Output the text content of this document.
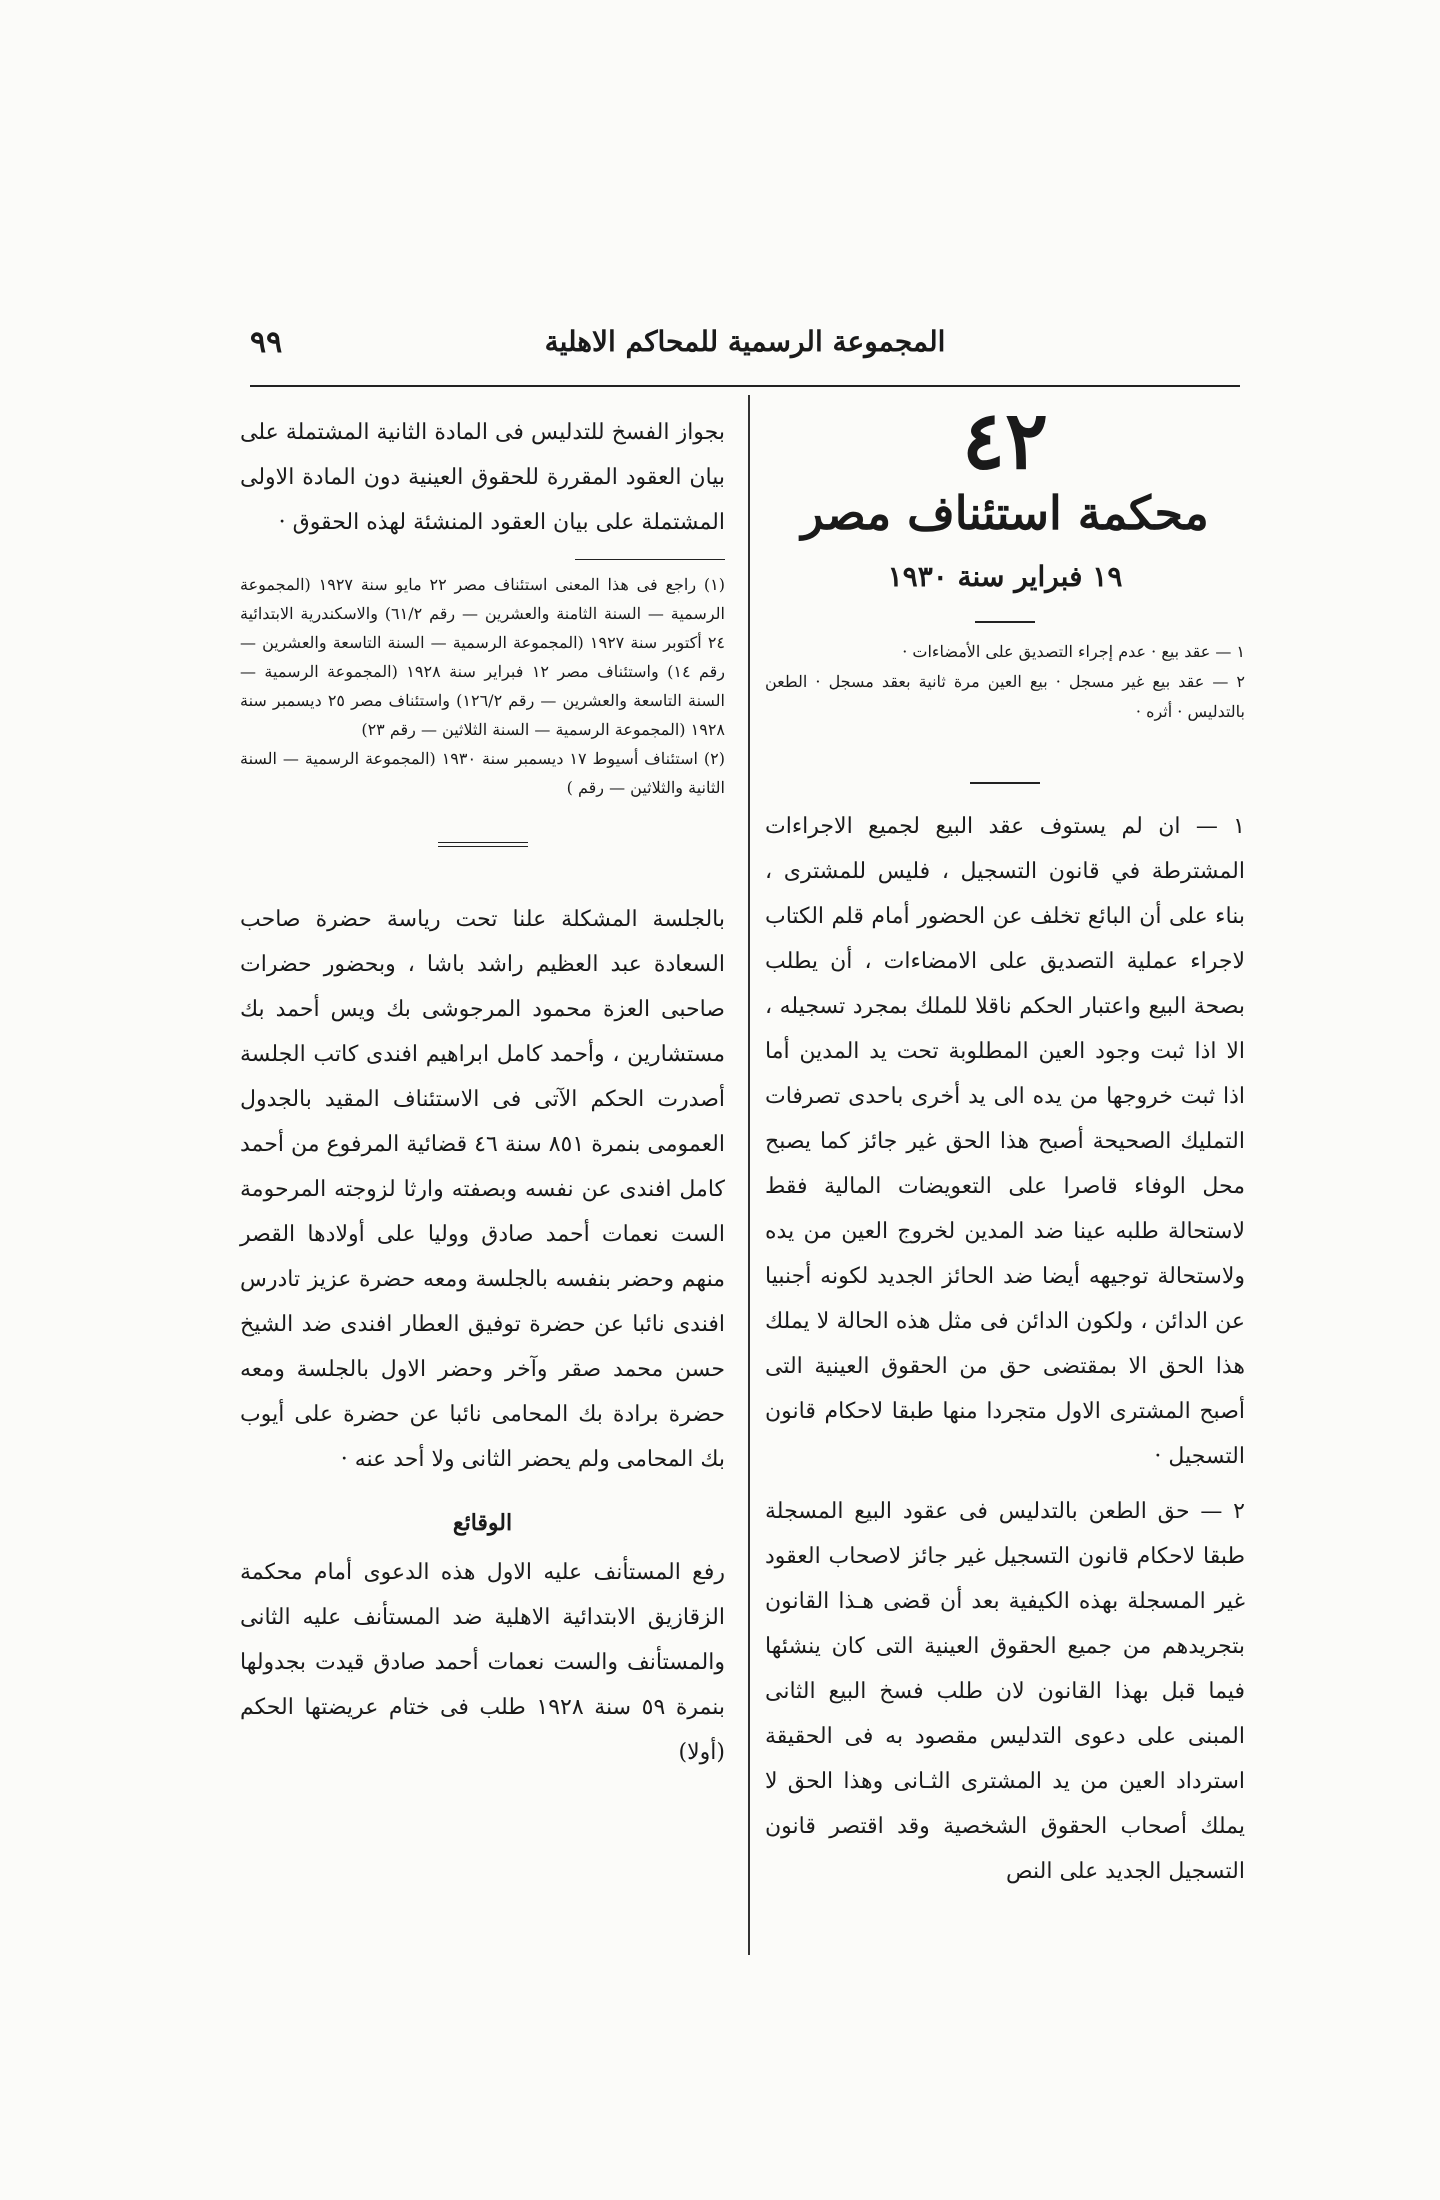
المجموعة الرسمية للمحاكم الاهلية
٩٩
٤٢
محكمة استئناف مصر
١٩ فبراير سنة ١٩٣٠

١ — عقد بيع · عدم إجراء التصديق على الأمضاءات ·

٢ — عقد بيع غير مسجل · بيع العين مرة ثانية بعقد مسجل · الطعن بالتدليس · أثره ·

١ — ان لم يستوف عقد البيع لجميع الاجراءات المشترطة في قانون التسجيل ، فليس للمشترى ، بناء على أن البائع تخلف عن الحضور أمام قلم الكتاب لاجراء عملية التصديق على الامضاءات ، أن يطلب بصحة البيع واعتبار الحكم ناقلا للملك بمجرد تسجيله ، الا اذا ثبت وجود العين المطلوبة تحت يد المدين أما اذا ثبت خروجها من يده الى يد أخرى باحدى تصرفات التمليك الصحيحة أصبح هذا الحق غير جائز كما يصبح محل الوفاء قاصرا على التعويضات المالية فقط لاستحالة طلبه عينا ضد المدين لخروج العين من يده ولاستحالة توجيهه أيضا ضد الحائز الجديد لكونه أجنبيا عن الدائن ، ولكون الدائن فى مثل هذه الحالة لا يملك هذا الحق الا بمقتضى حق من الحقوق العينية التى أصبح المشترى الاول متجردا منها طبقا لاحكام قانون التسجيل ·

٢ — حق الطعن بالتدليس فى عقود البيع المسجلة طبقا لاحكام قانون التسجيل غير جائز لاصحاب العقود غير المسجلة بهذه الكيفية بعد أن قضى هـذا القانون بتجريدهم من جميع الحقوق العينية التى كان ينشئها فيما قبل بهذا القانون لان طلب فسخ البيع الثانى المبنى على دعوى التدليس مقصود به فى الحقيقة استرداد العين من يد المشترى الثـانى وهذا الحق لا يملك أصحاب الحقوق الشخصية وقد اقتصر قانون التسجيل الجديد على النص

بجواز الفسخ للتدليس فى المادة الثانية المشتملة على بيان العقود المقررة للحقوق العينية دون المادة الاولى المشتملة على بيان العقود المنشئة لهذه الحقوق ·

(١) راجع فى هذا المعنى استئناف مصر ٢٢ مايو سنة ١٩٢٧ (المجموعة الرسمية — السنة الثامنة والعشرين — رقم ٦١/٢) والاسكندرية الابتدائية ٢٤ أكتوبر سنة ١٩٢٧ (المجموعة الرسمية — السنة التاسعة والعشرين — رقم ١٤) واستئناف مصر ١٢ فبراير سنة ١٩٢٨ (المجموعة الرسمية — السنة التاسعة والعشرين — رقم ١٢٦/٢) واستئناف مصر ٢٥ ديسمبر سنة ١٩٢٨ (المجموعة الرسمية — السنة الثلاثين — رقم ٢٣)

(٢) استئناف أسيوط ١٧ ديسمبر سنة ١٩٣٠ (المجموعة الرسمية — السنة الثانية والثلاثين — رقم )

بالجلسة المشكلة علنا تحت رياسة حضرة صاحب السعادة عبد العظيم راشد باشا ، وبحضور حضرات صاحبى العزة محمود المرجوشى بك ويس أحمد بك مستشارين ، وأحمد كامل ابراهيم افندى كاتب الجلسة أصدرت الحكم الآتى فى الاستئناف المقيد بالجدول العمومى بنمرة ٨٥١ سنة ٤٦ قضائية المرفوع من أحمد كامل افندى عن نفسه وبصفته وارثا لزوجته المرحومة الست نعمات أحمد صادق ووليا على أولادها القصر منهم وحضر بنفسه بالجلسة ومعه حضرة عزيز تادرس افندى نائبا عن حضرة توفيق العطار افندى ضد الشيخ حسن محمد صقر وآخر وحضر الاول بالجلسة ومعه حضرة برادة بك المحامى نائبا عن حضرة على أيوب بك المحامى ولم يحضر الثانى ولا أحد عنه ·

الوقائع

رفع المستأنف عليه الاول هذه الدعوى أمام محكمة الزقازيق الابتدائية الاهلية ضد المستأنف عليه الثانى والمستأنف والست نعمات أحمد صادق قيدت بجدولها بنمرة ٥٩ سنة ١٩٢٨ طلب فى ختام عريضتها الحكم (أولا)
